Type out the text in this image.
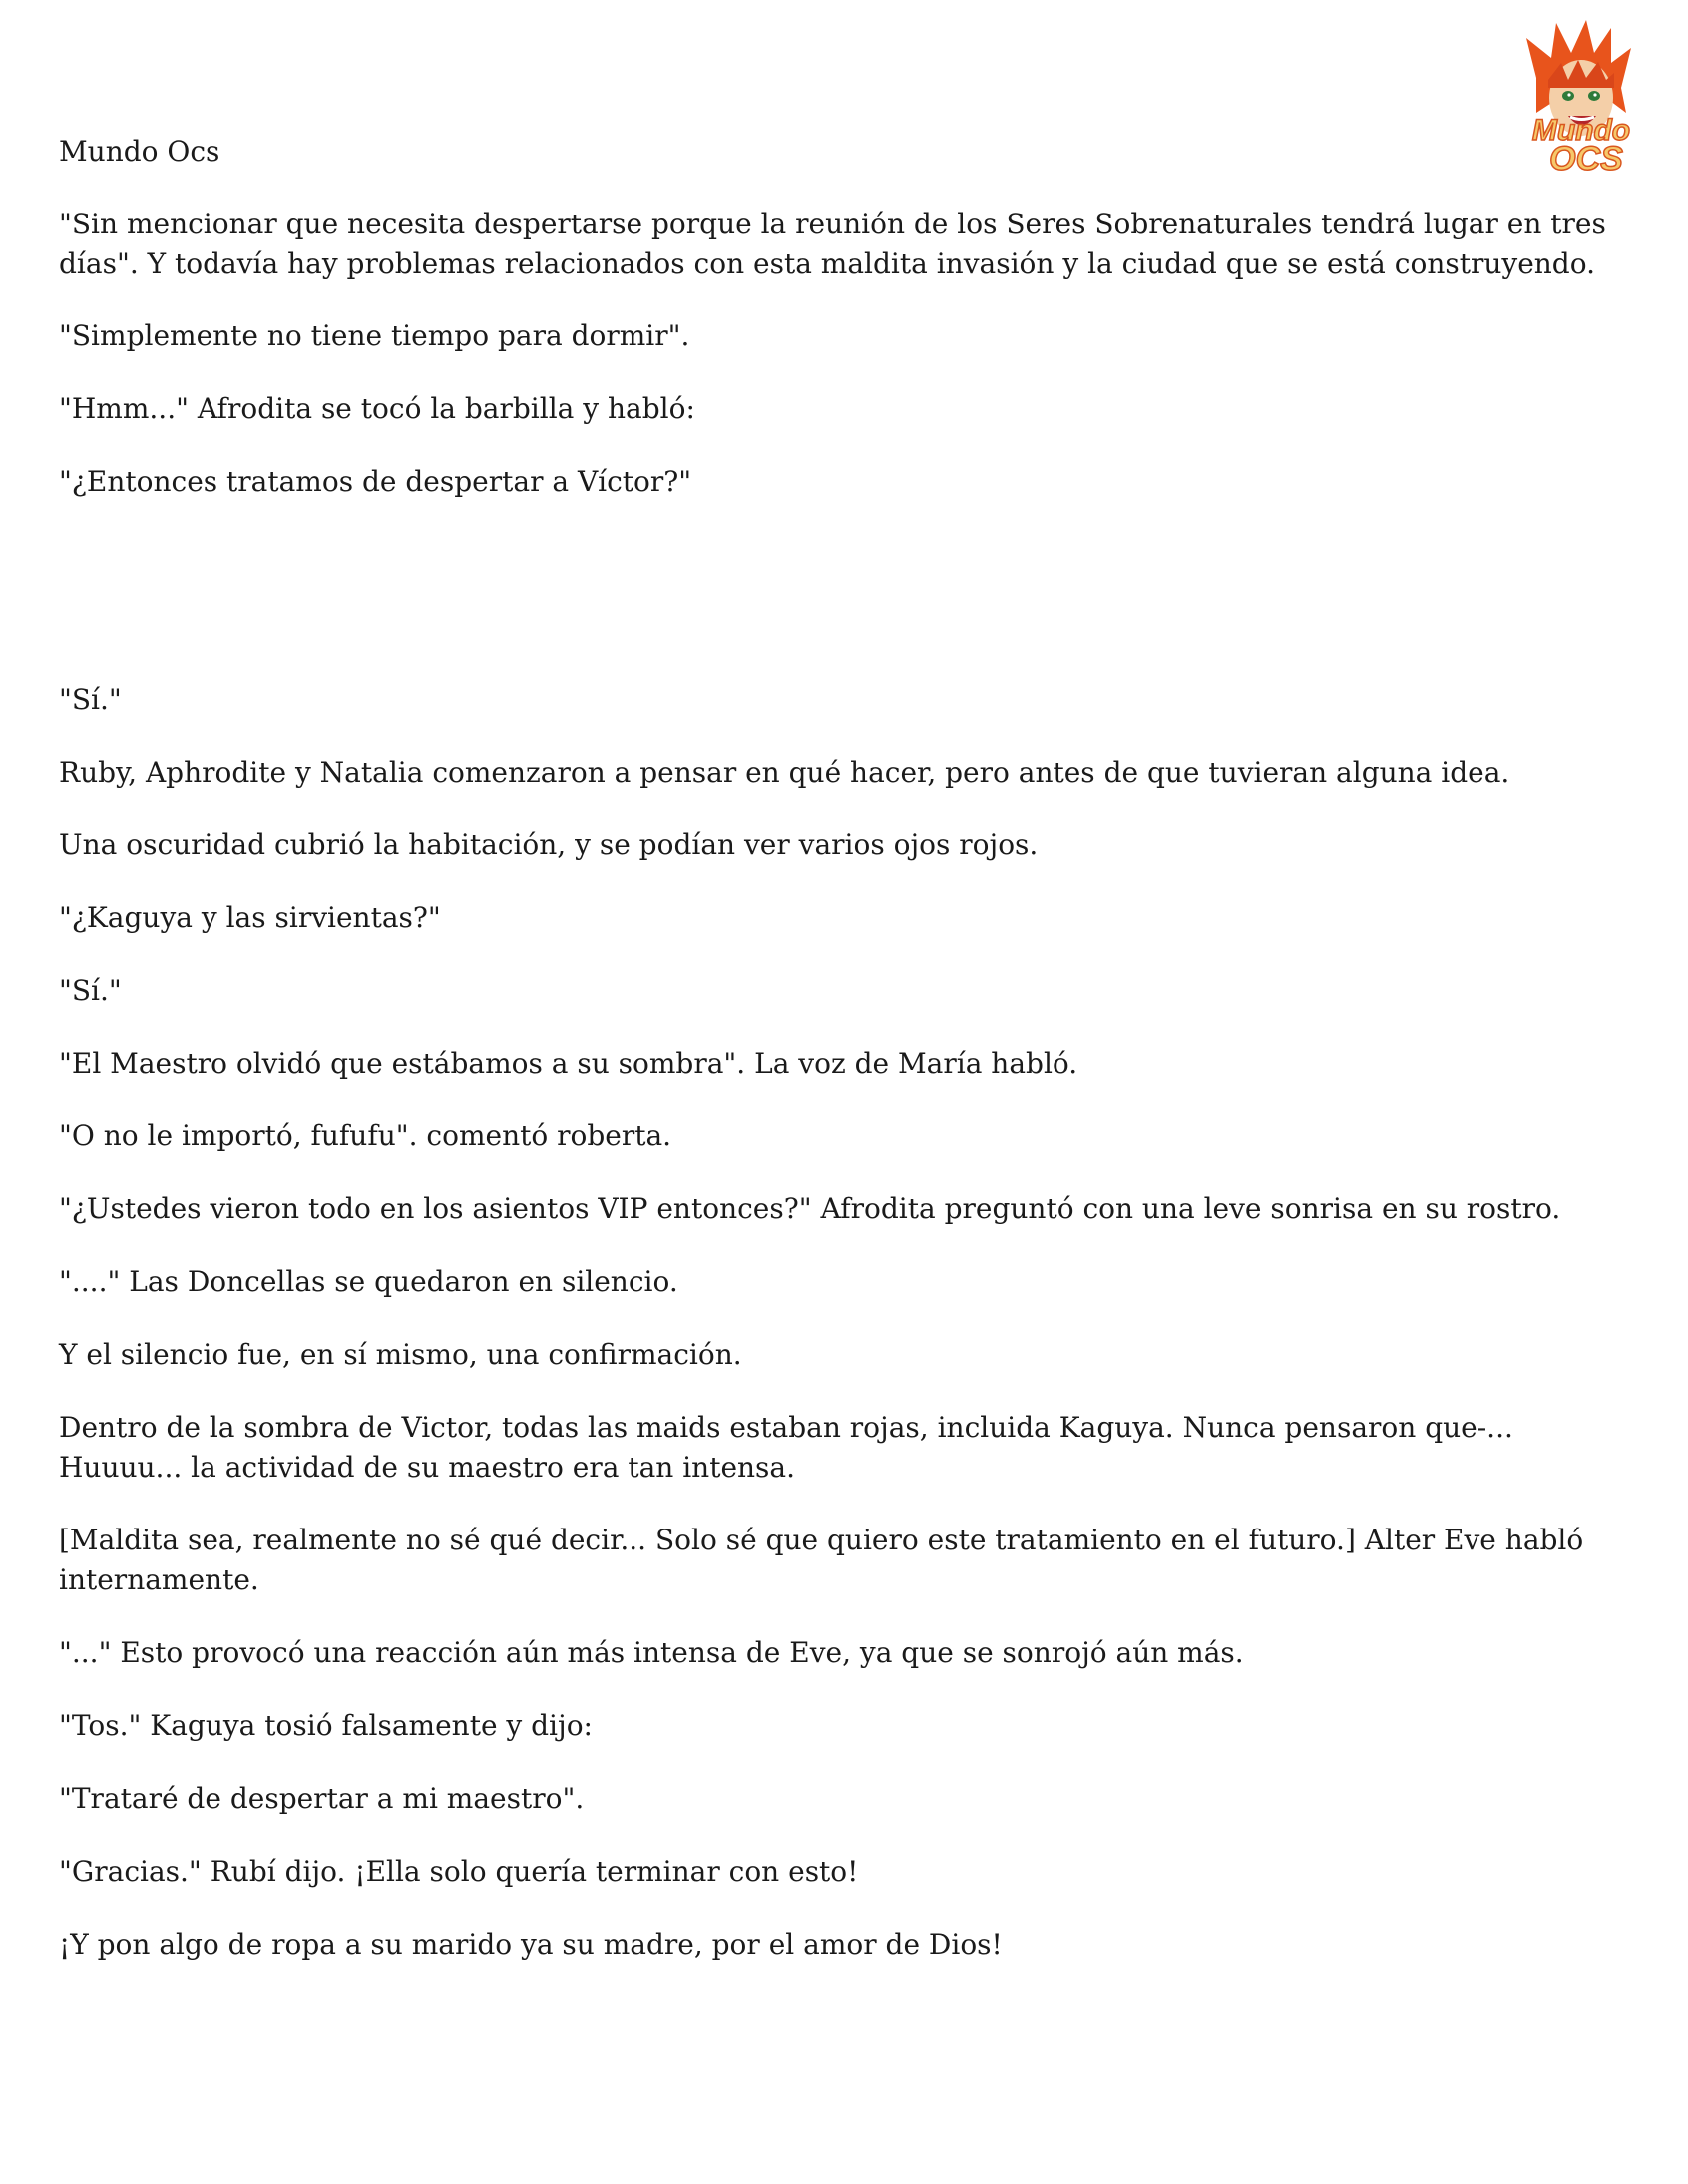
Mundo
OCS
Mundo Ocs

"Sin mencionar que necesita despertarse porque la reunión de los Seres Sobrenaturales tendrá lugar en tres días". Y todavía hay problemas relacionados con esta maldita invasión y la ciudad que se está construyendo.

"Simplemente no tiene tiempo para dormir".

"Hmm..." Afrodita se tocó la barbilla y habló:

"¿Entonces tratamos de despertar a Víctor?"

"Sí."

Ruby, Aphrodite y Natalia comenzaron a pensar en qué hacer, pero antes de que tuvieran alguna idea.

Una oscuridad cubrió la habitación, y se podían ver varios ojos rojos.

"¿Kaguya y las sirvientas?"

"Sí."

"El Maestro olvidó que estábamos a su sombra". La voz de María habló.

"O no le importó, fufufu". comentó roberta.

"¿Ustedes vieron todo en los asientos VIP entonces?" Afrodita preguntó con una leve sonrisa en su rostro.

"...." Las Doncellas se quedaron en silencio.

Y el silencio fue, en sí mismo, una confirmación.

Dentro de la sombra de Victor, todas las maids estaban rojas, incluida Kaguya. Nunca pensaron que-... Huuuu... la actividad de su maestro era tan intensa.

[Maldita sea, realmente no sé qué decir... Solo sé que quiero este tratamiento en el futuro.] Alter Eve habló internamente.

"..." Esto provocó una reacción aún más intensa de Eve, ya que se sonrojó aún más.

"Tos." Kaguya tosió falsamente y dijo:

"Trataré de despertar a mi maestro".

"Gracias." Rubí dijo. ¡Ella solo quería terminar con esto!

¡Y pon algo de ropa a su marido ya su madre, por el amor de Dios!
